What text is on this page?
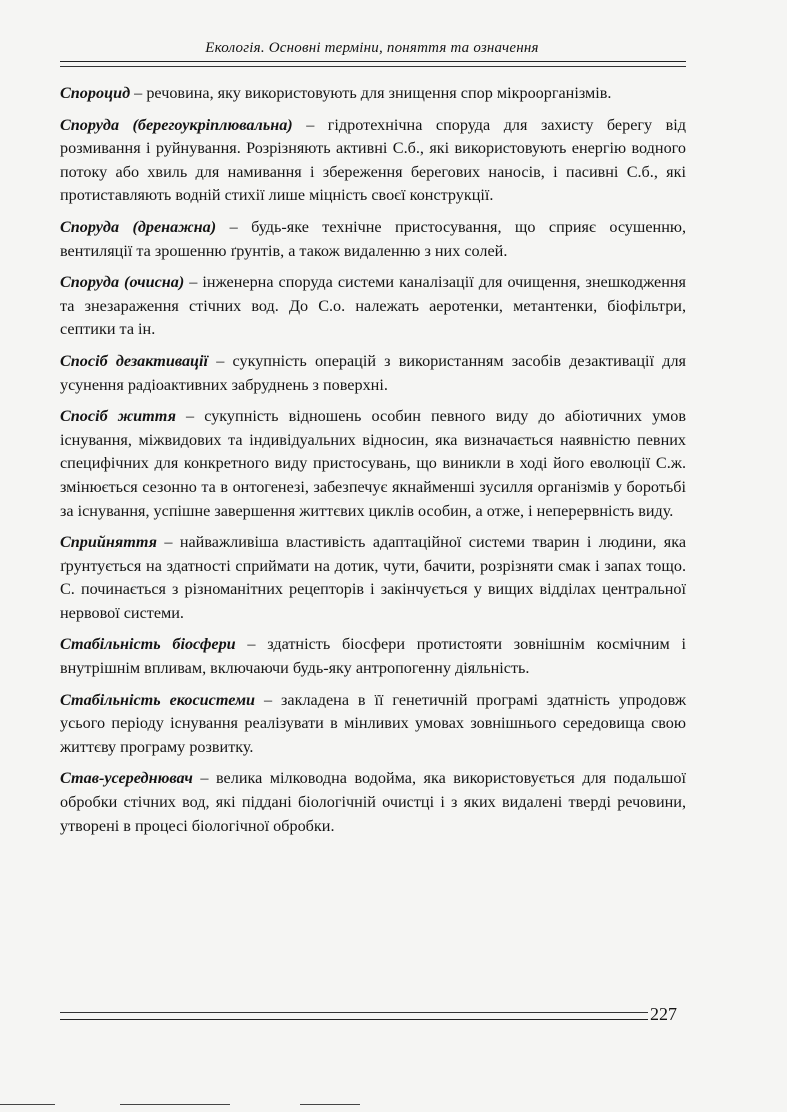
Екологія. Основні терміни, поняття та означення

Спороцид – речовина, яку використовують для знищення спор мікроорганізмів.

Споруда (берегоукріплювальна) – гідротехнічна споруда для захисту берегу від розмивання і руйнування. Розрізняють активні С.б., які використовують енергію водного потоку або хвиль для намивання і збереження берегових наносів, і пасивні С.б., які протиставляють водній стихії лише міцність своєї конструкції.

Споруда (дренажна) – будь-яке технічне пристосування, що сприяє осушенню, вентиляції та зрошенню ґрунтів, а також видаленню з них солей.

Споруда (очисна) – інженерна споруда системи каналізації для очищення, знешкодження та знезараження стічних вод. До С.о. належать аеротенки, метантенки, біофільтри, септики та ін.

Спосіб дезактивації – сукупність операцій з використанням засобів дезактивації для усунення радіоактивних забруднень з поверхні.

Спосіб життя – сукупність відношень особин певного виду до абіотичних умов існування, міжвидових та індивідуальних відносин, яка визначається наявністю певних специфічних для конкретного виду пристосувань, що виникли в ході його еволюції С.ж. змінюється сезонно та в онтогенезі, забезпечує якнайменші зусилля організмів у боротьбі за існування, успішне завершення життєвих циклів особин, а отже, і неперервність виду.

Сприйняття – найважливіша властивість адаптаційної системи тварин і людини, яка ґрунтується на здатності сприймати на дотик, чути, бачити, розрізняти смак і запах тощо. С. починається з різноманітних рецепторів і закінчується у вищих відділах центральної нервової системи.

Стабільність біосфери – здатність біосфери протистояти зовнішнім космічним і внутрішнім впливам, включаючи будь-яку антропогенну діяльність.

Стабільність екосистеми – закладена в її генетичній програмі здатність упродовж усього періоду існування реалізувати в мінливих умовах зовнішнього середовища свою життєву програму розвитку.

Став-усереднювач – велика мілководна водойма, яка використовується для подальшої обробки стічних вод, які піддані біологічній очистці і з яких видалені тверді речовини, утворені в процесі біологічної обробки.

227
